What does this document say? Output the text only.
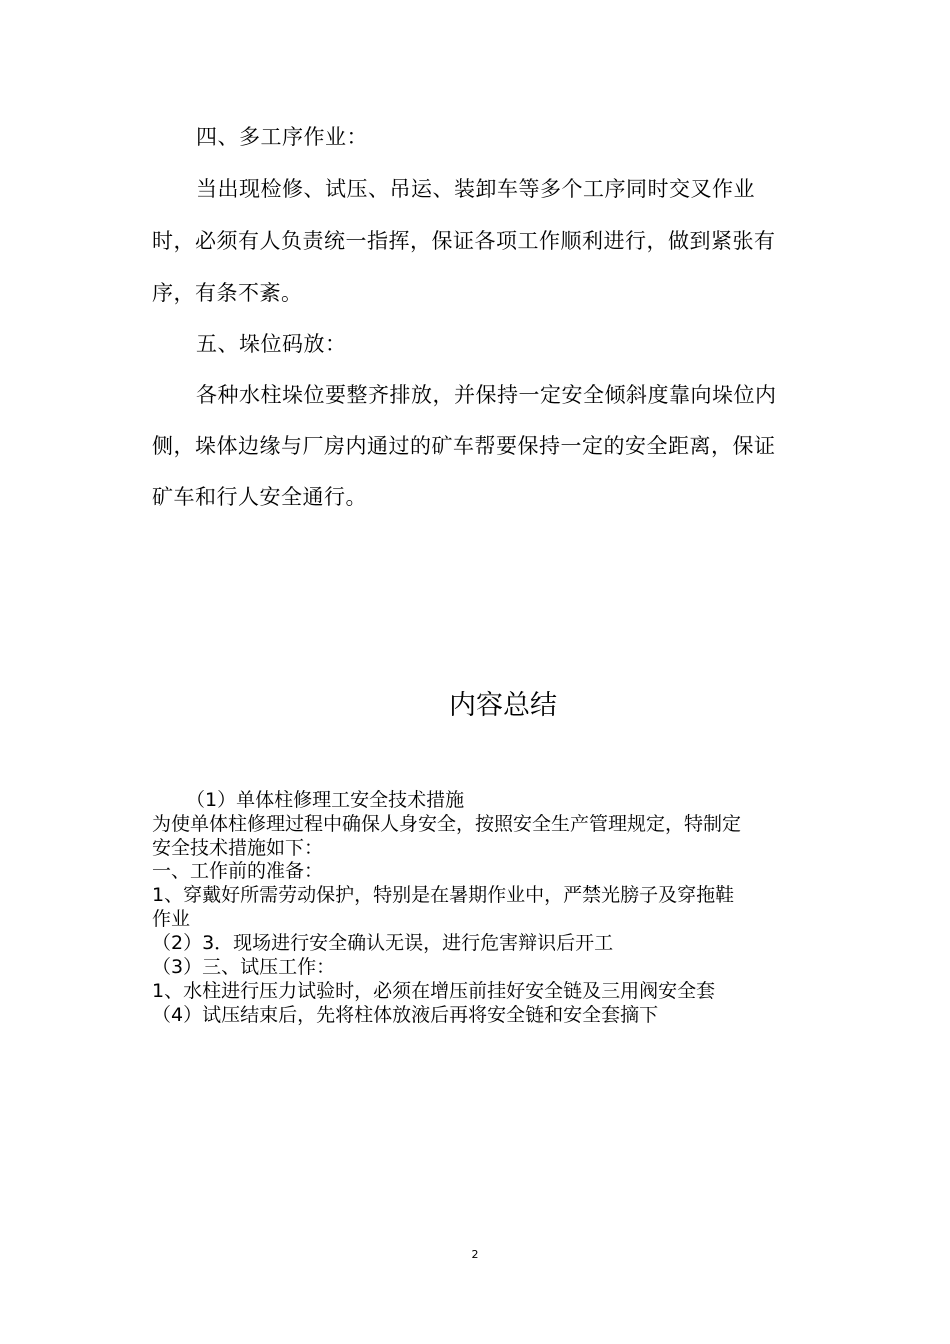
四、多工序作业：
当出现检修、试压、吊运、装卸车等多个工序同时交叉作业
时，必须有人负责统一指挥，保证各项工作顺利进行，做到紧张有
序，有条不紊。
五、垛位码放：
各种水柱垛位要整齐排放，并保持一定安全倾斜度靠向垛位内
侧，垛体边缘与厂房内通过的矿车帮要保持一定的安全距离，保证
矿车和行人安全通行。
内容总结
（1）单体柱修理工安全技术措施
为使单体柱修理过程中确保人身安全，按照安全生产管理规定，特制定
安全技术措施如下：
一、工作前的准备：
1、穿戴好所需劳动保护，特别是在暑期作业中，严禁光膀子及穿拖鞋
作业
（2）3．现场进行安全确认无误，进行危害辩识后开工
（3）三、试压工作：
1、水柱进行压力试验时，必须在增压前挂好安全链及三用阀安全套
（4）试压结束后，先将柱体放液后再将安全链和安全套摘下
2
